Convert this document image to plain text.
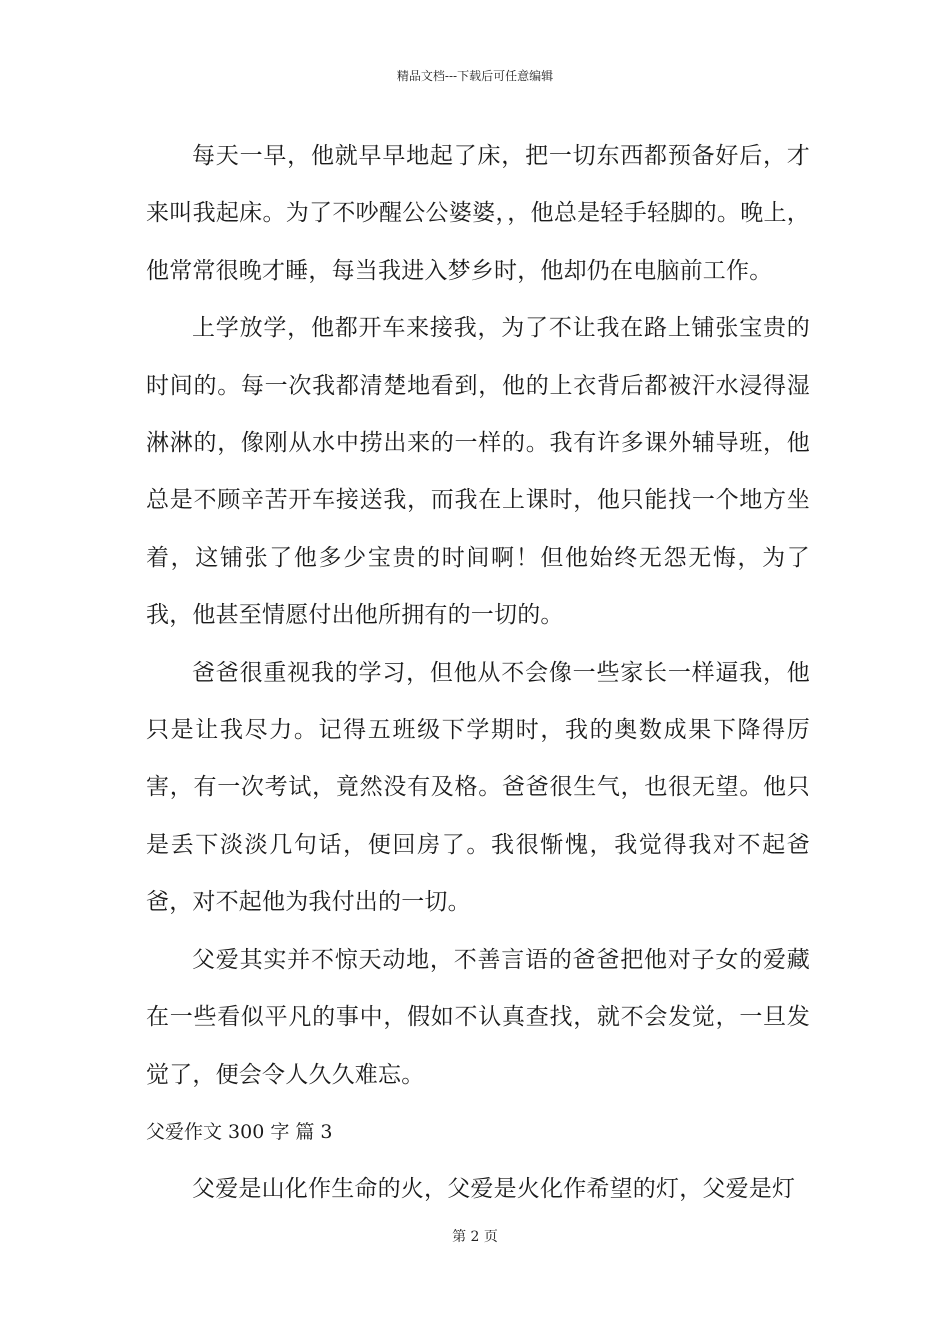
精品文档---下载后可任意编辑

每天一早，他就早早地起了床，把一切东西都预备好后，才来叫我起床。为了不吵醒公公婆婆，，他总是轻手轻脚的。晚上，他常常很晚才睡，每当我进入梦乡时，他却仍在电脑前工作。

上学放学，他都开车来接我，为了不让我在路上铺张宝贵的时间的。每一次我都清楚地看到，他的上衣背后都被汗水浸得湿淋淋的，像刚从水中捞出来的一样的。我有许多课外辅导班，他总是不顾辛苦开车接送我，而我在上课时，他只能找一个地方坐着，这铺张了他多少宝贵的时间啊！但他始终无怨无悔，为了我，他甚至情愿付出他所拥有的一切的。

爸爸很重视我的学习，但他从不会像一些家长一样逼我，他只是让我尽力。记得五班级下学期时，我的奥数成果下降得厉害，有一次考试，竟然没有及格。爸爸很生气，也很无望。他只是丢下淡淡几句话，便回房了。我很惭愧，我觉得我对不起爸爸，对不起他为我付出的一切。

父爱其实并不惊天动地，不善言语的爸爸把他对子女的爱藏在一些看似平凡的事中，假如不认真查找，就不会发觉，一旦发觉了，便会令人久久难忘。

父爱作文 300 字 篇 3

父爱是山化作生命的火，父爱是火化作希望的灯，父爱是灯

第 2 页
